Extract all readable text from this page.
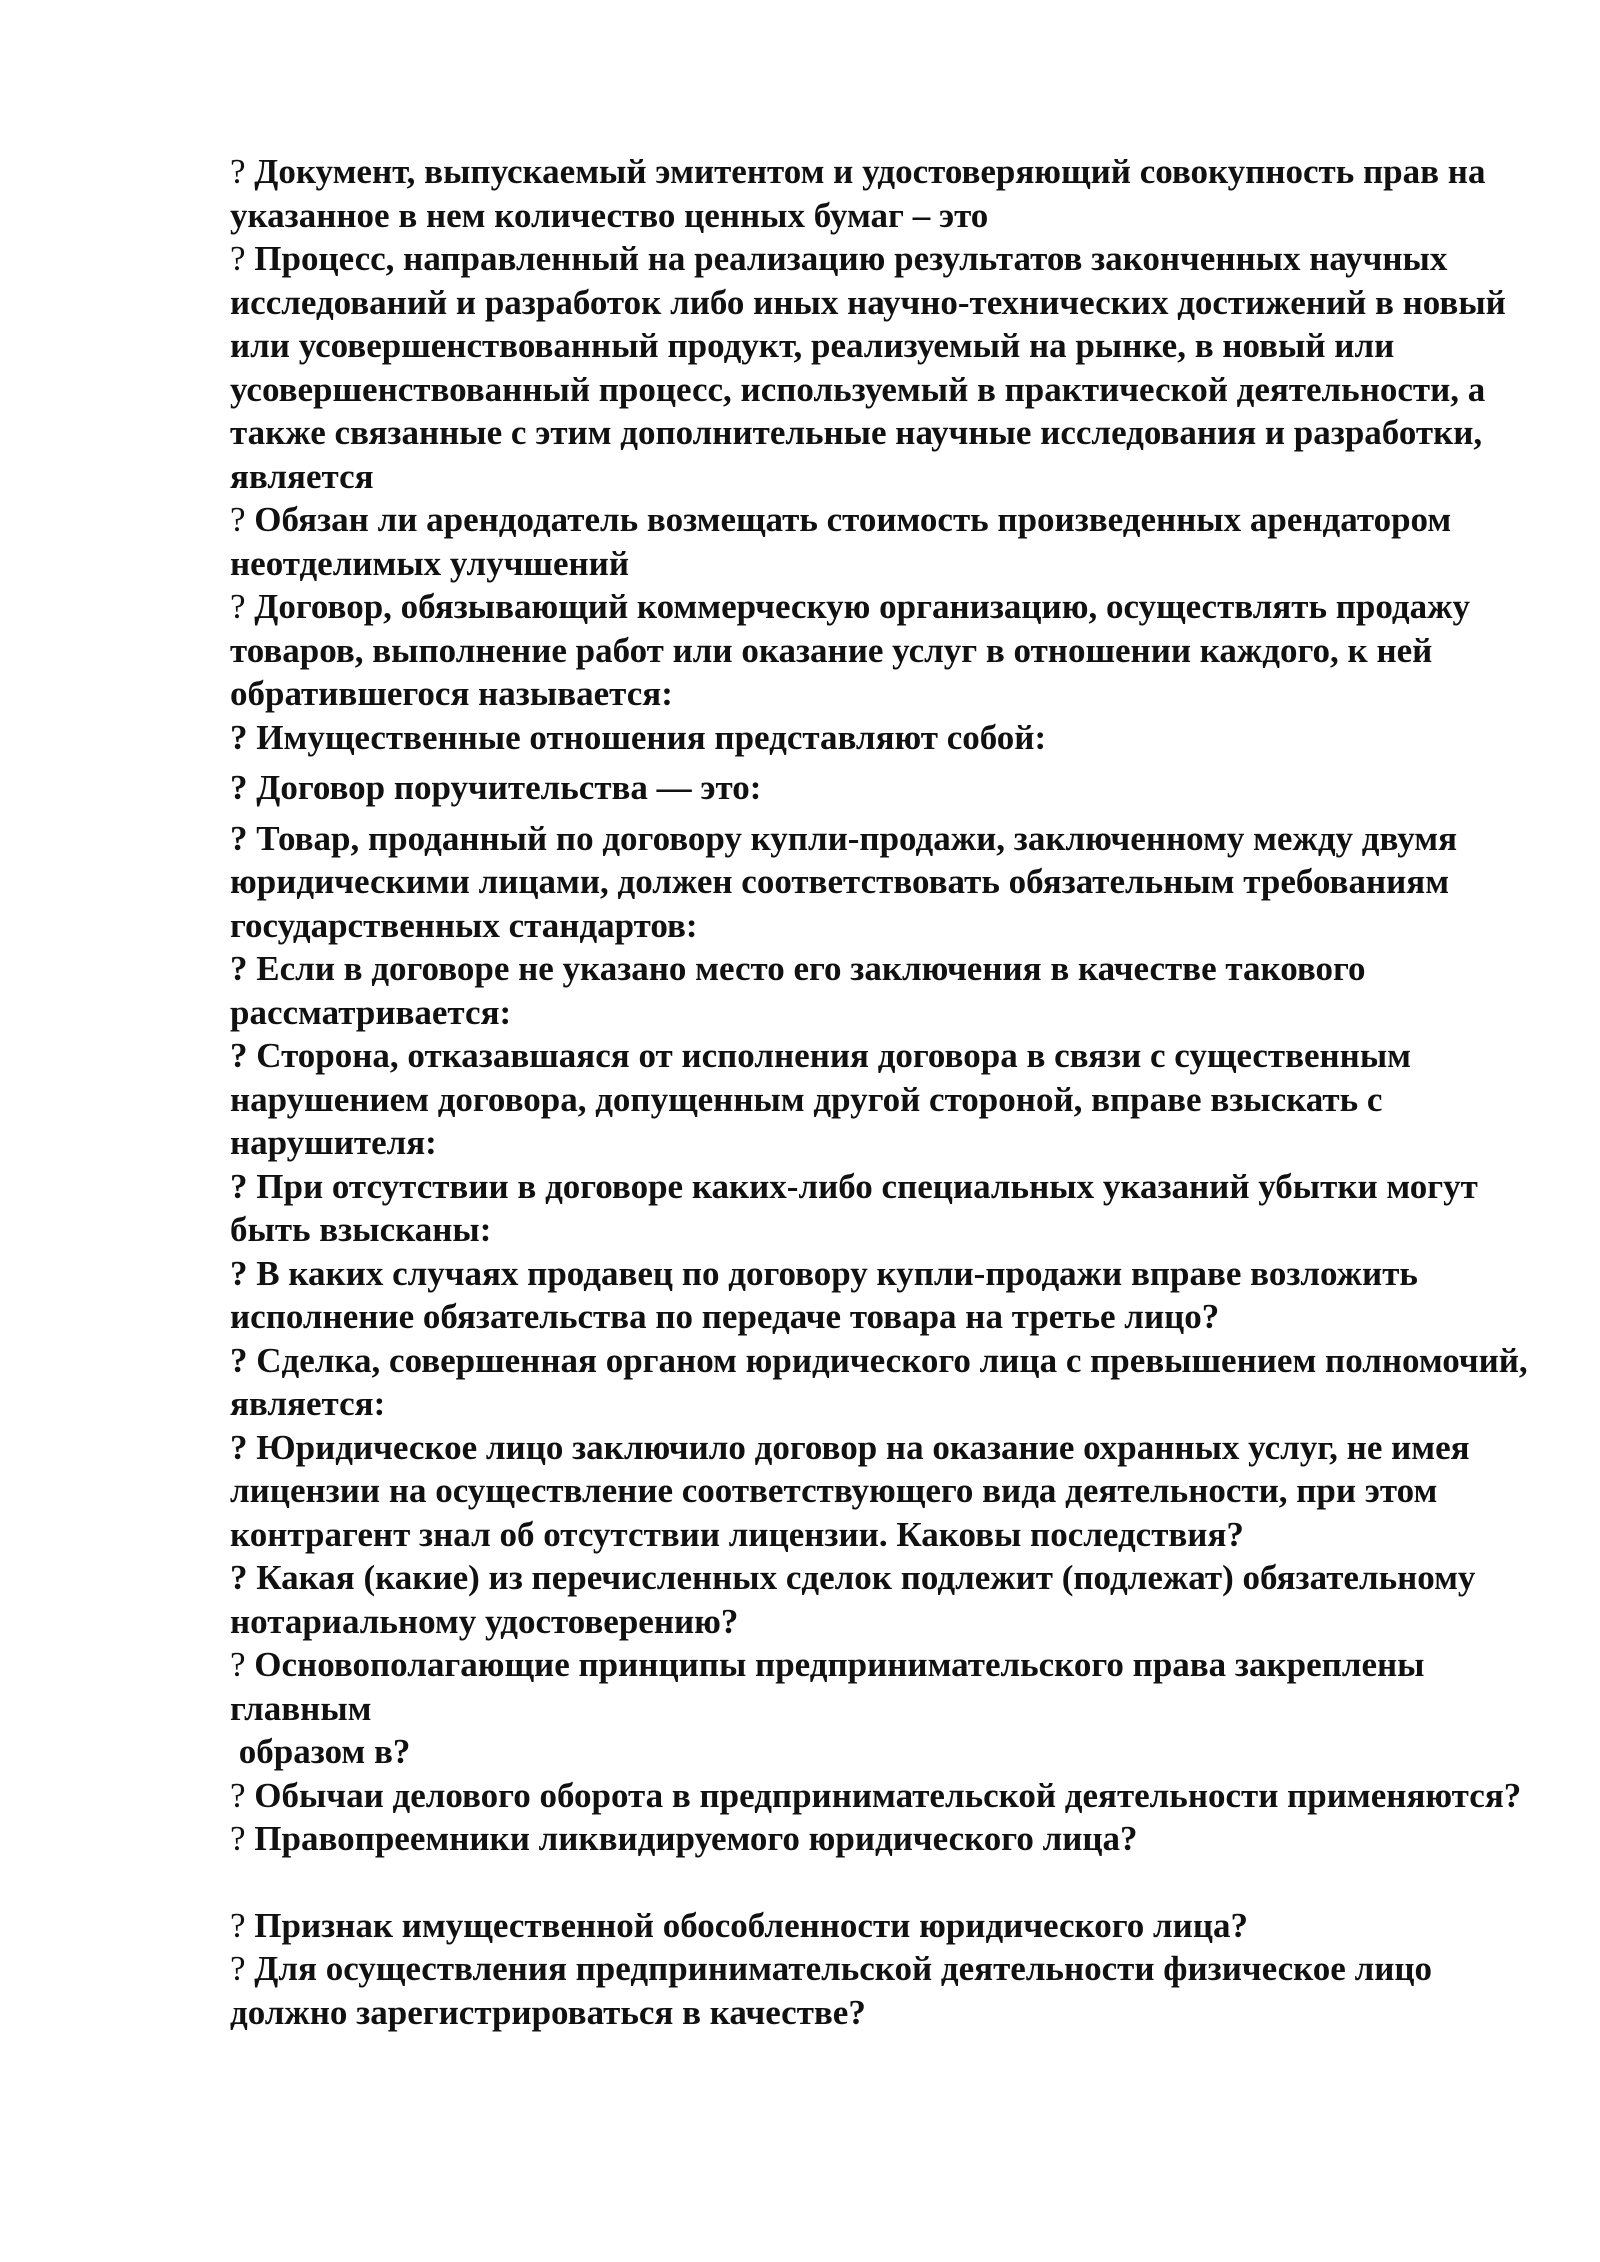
? Документ, выпускаемый эмитентом и удостоверяющий совокупность прав на указанное в нем количество ценных бумаг – это

? Процесс, направленный на реализацию результатов законченных научных исследований и разработок либо иных научно-технических достижений в новый или усовершенствованный продукт, реализуемый на рынке, в новый или усовершенствованный процесс, используемый в практической деятельности, а также связанные с этим дополнительные научные исследования и разработки, является

? Обязан ли арендодатель возмещать стоимость произведенных арендатором неотделимых улучшений

? Договор, обязывающий коммерческую организацию, осуществлять продажу товаров, выполнение работ или оказание услуг в отношении каждого, к ней обратившегося называется:

? Имущественные отношения представляют собой:

? Договор поручительства — это:

? Товар, проданный по договору купли-продажи, заключенному между двумя юридическими лицами, должен соответствовать обязательным требованиям государственных стандартов:

? Если в договоре не указано место его заключения в качестве такового рассматривается:

? Сторона, отказавшаяся от исполнения договора в связи с существенным нарушением договора, допущенным другой стороной, вправе взыскать с нарушителя:

? При отсутствии в договоре каких-либо специальных указаний убытки могут быть взысканы:

? В каких случаях продавец по договору купли-продажи вправе возложить исполнение обязательства по передаче товара на третье лицо?

? Сделка, совершенная органом юридического лица с превышением полномочий, является:

? Юридическое лицо заключило договор на оказание охранных услуг, не имея лицензии на осуществление соответствующего вида деятельности, при этом контрагент знал об отсутствии лицензии. Каковы последствия?

? Какая (какие) из перечисленных сделок подлежит (подлежат) обязательному нотариальному удостоверению?

? Основополагающие принципы предпринимательского права закреплены главным
образом в?

? Обычаи делового оборота в предпринимательской деятельности применяются?

? Правопреемники ликвидируемого юридического лица?

? Признак имущественной обособленности юридического лица?

? Для осуществления предпринимательской деятельности физическое лицо должно зарегистрироваться в качестве?
